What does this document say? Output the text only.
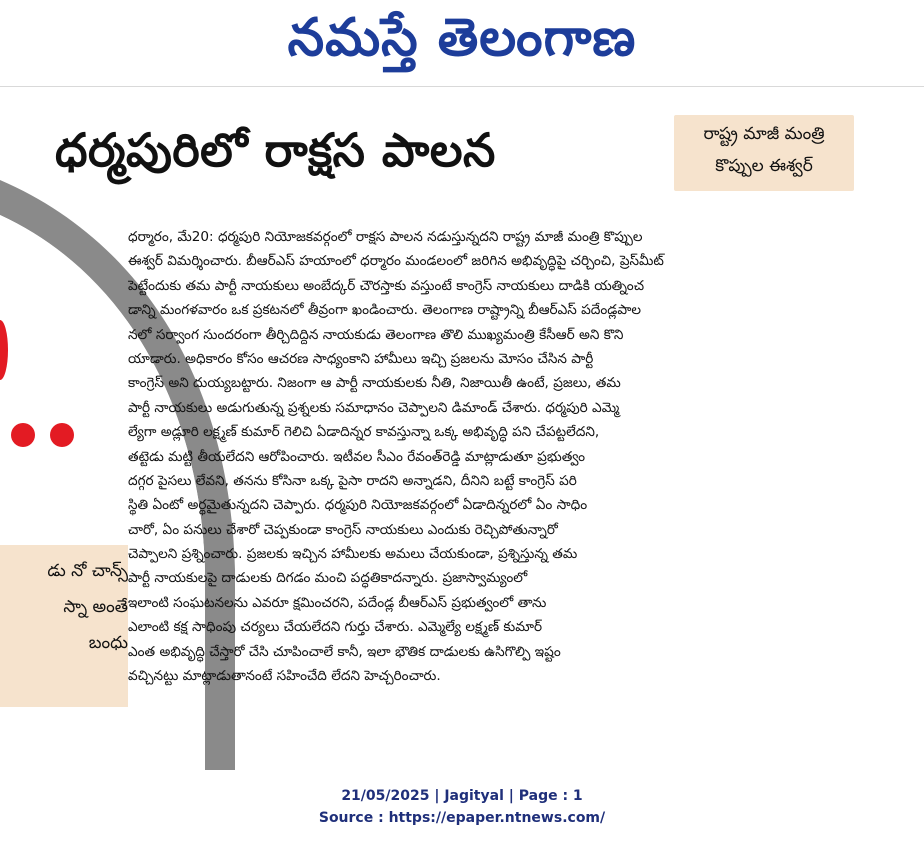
నమస్తే తెలంగాణ
డు నో చాన్స్
స్నా అంతే
బంధు
ధర్మపురిలో రాక్షస పాలన	రాష్ట్ర మాజీ మంత్రి
కొప్పుల ఈశ్వర్
ధర్మారం, మే20: ధర్మపురి నియోజకవర్గంలో రాక్షస పాలన నడుస్తున్నదని రాష్ట్ర మాజీ మంత్రి కొప్పుల
ఈశ్వర్ విమర్శించారు. బీఆర్ఎస్ హయాంలో ధర్మారం మండలంలో జరిగిన అభివృద్ధిపై చర్చించి, ప్రెస్‌మీట్
పెట్టేందుకు తమ పార్టీ నాయకులు అంబేద్కర్ చౌరస్తాకు వస్తుంటే కాంగ్రెస్ నాయకులు దాడికి యత్నించ
డాన్ని మంగళవారం ఒక ప్రకటనలో తీవ్రంగా ఖండించారు. తెలంగాణ రాష్ట్రాన్ని బీఆర్ఎస్ పదేండ్లపాల
నలో సర్వాంగ సుందరంగా తీర్చిదిద్దిన నాయకుడు తెలంగాణ తొలి ముఖ్యమంత్రి కేసీఆర్ అని కొని
యాడారు. అధికారం కోసం ఆచరణ సాధ్యంకాని హామీలు ఇచ్చి ప్రజలను మోసం చేసిన పార్టీ
కాంగ్రెస్ అని దుయ్యబట్టారు. నిజంగా ఆ పార్టీ నాయకులకు నీతి, నిజాయితీ ఉంటే, ప్రజలు, తమ
పార్టీ నాయకులు అడుగుతున్న ప్రశ్నలకు సమాధానం చెప్పాలని డిమాండ్ చేశారు. ధర్మపురి ఎమ్మె
ల్యేగా అడ్లూరి లక్ష్మణ్ కుమార్ గెలిచి ఏడాదిన్నర కావస్తున్నా ఒక్క అభివృద్ధి పని చేపట్టలేదని,
తట్టెడు మట్టి తీయలేదని ఆరోపించారు. ఇటీవల సీఎం రేవంత్‌రెడ్డి మాట్లాడుతూ ప్రభుత్వం
దగ్గర పైసలు లేవని, తనను కోసినా ఒక్క పైసా రాదని అన్నాడని, దీనిని బట్టే కాంగ్రెస్ పరి
స్థితి ఏంటో అర్థమైతున్నదని చెప్పారు. ధర్మపురి నియోజకవర్గంలో ఏడాదిన్నరలో ఏం సాధిం
చారో, ఏం పనులు చేశారో చెప్పకుండా కాంగ్రెస్ నాయకులు ఎందుకు రెచ్చిపోతున్నారో
చెప్పాలని ప్రశ్నించారు. ప్రజలకు ఇచ్చిన హామీలకు అమలు చేయకుండా, ప్రశ్నిస్తున్న తమ
పార్టీ నాయకులపై దాడులకు దిగడం మంచి పద్ధతికాదన్నారు. ప్రజాస్వామ్యంలో
ఇలాంటి సంఘటనలను ఎవరూ క్షమించరని, పదేండ్ల బీఆర్ఎస్ ప్రభుత్వంలో తాను
ఎలాంటి కక్ష సాధింపు చర్యలు చేయలేదని గుర్తు చేశారు. ఎమ్మెల్యే లక్ష్మణ్ కుమార్
ఎంత అభివృద్ధి చేస్తారో చేసి చూపించాలే కానీ, ఇలా భౌతిక దాడులకు ఉసిగొల్పి ఇష్టం
వచ్చినట్టు మాట్లాడుతానంటే సహించేది లేదని హెచ్చరించారు.
21/05/2025 | Jagityal | Page : 1
Source : https://epaper.ntnews.com/
